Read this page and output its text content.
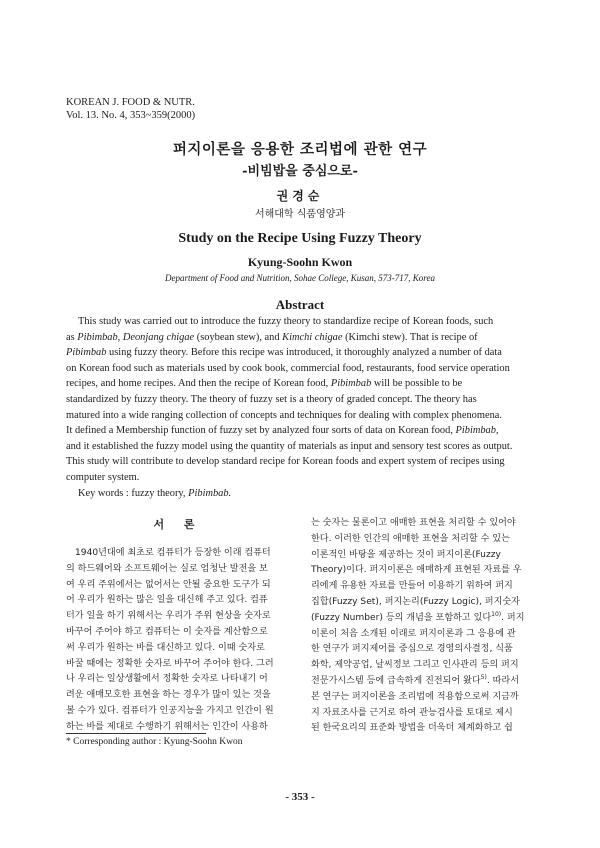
KOREAN J. FOOD & NUTR.
Vol. 13. No. 4, 353~359(2000)
퍼지이론을 응용한 조리법에 관한 연구
-비빔밥을 중심으로-
권경순
서해대학 식품영양과
Study on the Recipe Using Fuzzy Theory
Kyung-Soohn Kwon
Department of Food and Nutrition, Sohae College, Kusan, 573-717, Korea
Abstract
This study was carried out to introduce the fuzzy theory to standardize recipe of Korean foods, such
as Pibimbab, Deonjang chigae (soybean stew), and Kimchi chigae (Kimchi stew). That is recipe of
Pibimbab using fuzzy theory. Before this recipe was introduced, it thoroughly analyzed a number of data
on Korean food such as materials used by cook book, commercial food, restaurants, food service operation
recipes, and home recipes. And then the recipe of Korean food, Pibimbab will be possible to be
standardized by fuzzy theory. The theory of fuzzy set is a theory of graded concept. The theory has
matured into a wide ranging collection of concepts and techniques for dealing with complex phenomena.
It defined a Membership function of fuzzy set by analyzed four sorts of data on Korean food, Pibimbab,
and it established the fuzzy model using the quantity of materials as input and sensory test scores as output.
This study will contribute to develop standard recipe for Korean foods and expert system of recipes using
computer system.
Key words : fuzzy theory, Pibimbab.
서 론
1940년대에 최초로 컴퓨터가 등장한 이래 컴퓨터
의 하드웨어와 소프트웨어는 실로 엄청난 발전을 보
여 우리 주위에서는 없어서는 안될 중요한 도구가 되
어 우리가 원하는 많은 일을 대신해 주고 있다. 컴퓨
터가 일을 하기 위해서는 우리가 주위 현상을 숫자로
바꾸어 주어야 하고 컴퓨터는 이 숫자를 계산함으로
써 우리가 원하는 바를 대신하고 있다. 이때 숫자로
바꿀 때에는 정확한 숫자로 바꾸어 주어야 한다. 그러
나 우리는 일상생활에서 정확한 숫자로 나타내기 어
려운 애매모호한 표현을 하는 경우가 많이 있는 것을
볼 수가 있다. 컴퓨터가 인공지능을 가지고 인간이 원
하는 바를 제대로 수행하기 위해서는 인간이 사용하
는 숫자는 물론이고 애매한 표현을 처리할 수 있어야
한다. 이러한 인간의 애매한 표현을 처리할 수 있는
이론적인 바탕을 제공하는 것이 퍼지이론(Fuzzy
Theory)이다. 퍼지이론은 애매하게 표현된 자료를 우
리에게 유용한 자료를 만들어 이용하기 위하여 퍼지
집합(Fuzzy Set), 퍼지논리(Fuzzy Logic), 퍼지숫자
(Fuzzy Number) 등의 개념을 포함하고 있다$^{10)}$. 퍼지
이론이 처음 소개된 이래로 퍼지이론과 그 응용에 관
한 연구가 퍼지제어를 중심으로 경영의사결정, 식품
화학, 제약공업, 날씨정보 그리고 인사관리 등의 퍼지
전문가시스템 등에 급속하게 진전되어 왔다$^{5)}$. 따라서
본 연구는 퍼지이론을 조리법에 적용함으로써 지금까
지 자료조사를 근거로 하여 관능검사를 토대로 제시
된 한국요리의 표준화 방법을 더욱더 체계화하고 쉽
* Corresponding author : Kyung-Soohn Kwon
- 353 -
